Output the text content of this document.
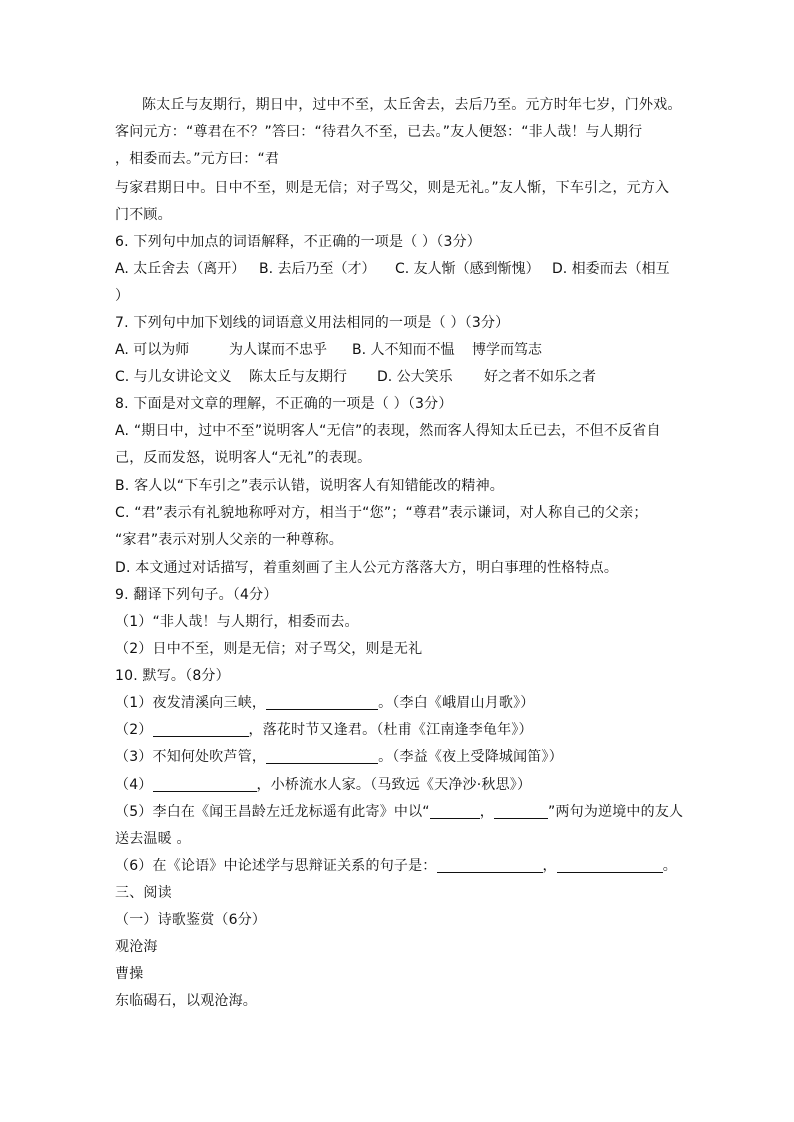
陈太丘与友期行，期日中，过中不至，太丘舍去，去后乃至。元方时年七岁，门外戏。
客问元方：“尊君在不？”答曰：“待君久不至，已去。”友人便怒：“非人哉！与人期行
，相委而去。”元方曰：“君
与家君期日中。日中不至，则是无信；对子骂父，则是无礼。”友人惭，下车引之，元方入
门不顾。
6. 下列句中加点的词语解释，不正确的一项是（ ）（3分）
A. 太丘舍去（离开） B. 去后乃至（才） C. 友人惭（感到惭愧） D. 相委而去（相互
）
7. 下列句中加下划线的词语意义用法相同的一项是（ ）（3分）
A. 可以为师	为人谋而不忠乎 B. 人不知而不愠 博学而笃志
C. 与儿女讲论文义 陈太丘与友期行 D. 公大笑乐 好之者不如乐之者
8. 下面是对文章的理解，不正确的一项是（ ）（3分）
A. “期日中，过中不至”说明客人“无信”的表现，然而客人得知太丘已去，不但不反省自
己，反而发怒，说明客人“无礼”的表现。
B. 客人以“下车引之”表示认错，说明客人有知错能改的精神。
C. “君”表示有礼貌地称呼对方，相当于“您”；“尊君”表示谦词，对人称自己的父亲；
“家君”表示对别人父亲的一种尊称。
D. 本文通过对话描写，着重刻画了主人公元方落落大方，明白事理的性格特点。
9. 翻译下列句子。（4分）
（1）“非人哉！与人期行，相委而去。
（2）日中不至，则是无信；对子骂父，则是无礼
10. 默写。（8分）
（1）夜发清溪向三峡，	。（李白《峨眉山月歌》）
（2）	，落花时节又逢君。（杜甫《江南逢李龟年》）
（3）不知何处吹芦管，	。（李益《夜上受降城闻笛》）
（4）	，小桥流水人家。（马致远《天净沙·秋思》）
（5）李白在《闻王昌龄左迁龙标遥有此寄》中以“	，	”两句为逆境中的友人
送去温暖 。
（6）在《论语》中论述学与思辩证关系的句子是：	，	。
三、阅读
（一）诗歌鉴赏（6分）
观沧海
曹操
东临碣石，以观沧海。
